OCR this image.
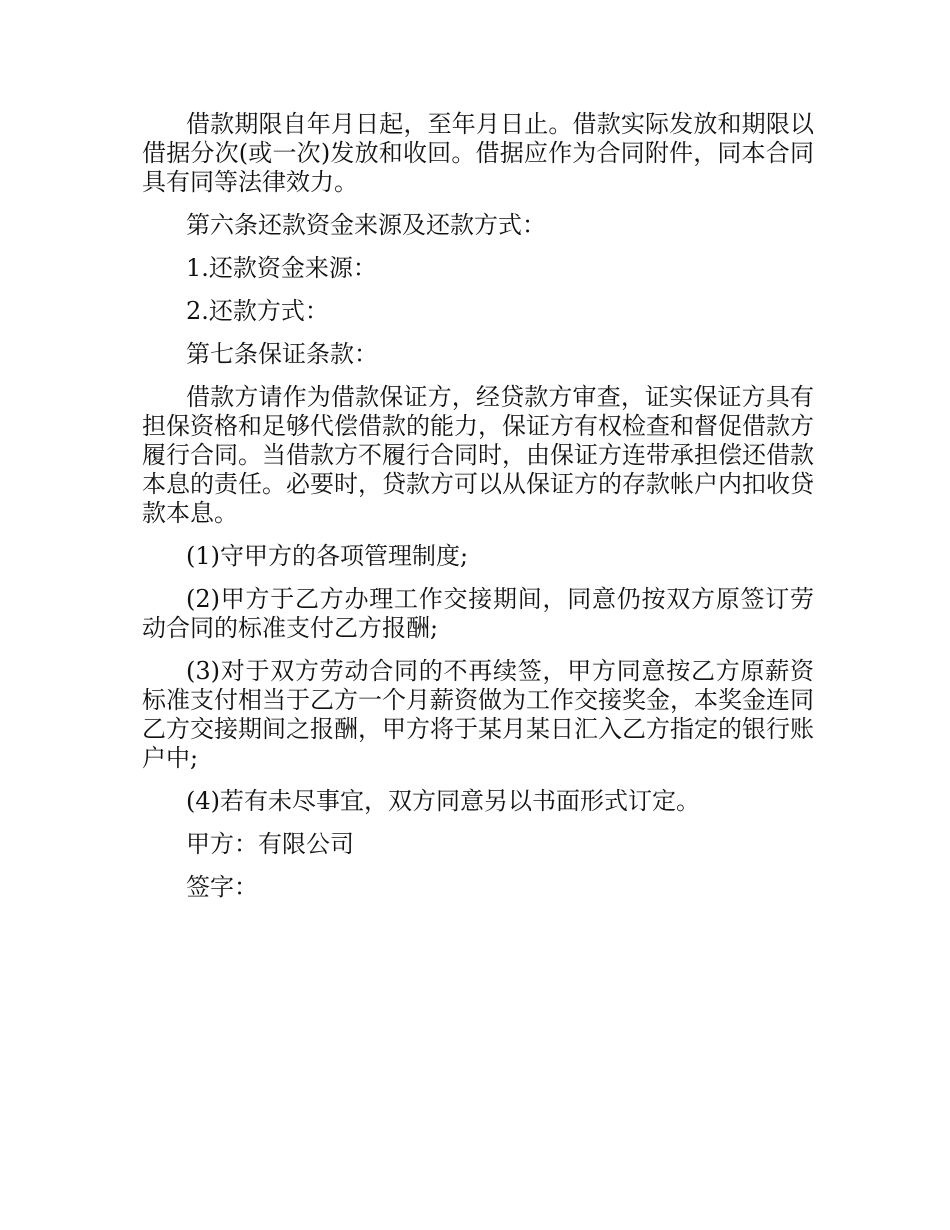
借款期限自年月日起，至年月日止。借款实际发放和期限以借据分次(或一次)发放和收回。借据应作为合同附件，同本合同具有同等法律效力。

第六条还款资金来源及还款方式：

1.还款资金来源：

2.还款方式：

第七条保证条款：

借款方请作为借款保证方，经贷款方审查，证实保证方具有担保资格和足够代偿借款的能力，保证方有权检查和督促借款方履行合同。当借款方不履行合同时，由保证方连带承担偿还借款本息的责任。必要时，贷款方可以从保证方的存款帐户内扣收贷款本息。

(1)守甲方的各项管理制度;

(2)甲方于乙方办理工作交接期间，同意仍按双方原签订劳动合同的标准支付乙方报酬;

(3)对于双方劳动合同的不再续签，甲方同意按乙方原薪资标准支付相当于乙方一个月薪资做为工作交接奖金，本奖金连同乙方交接期间之报酬，甲方将于某月某日汇入乙方指定的银行账户中;

(4)若有未尽事宜，双方同意另以书面形式订定。

甲方：有限公司

签字：
